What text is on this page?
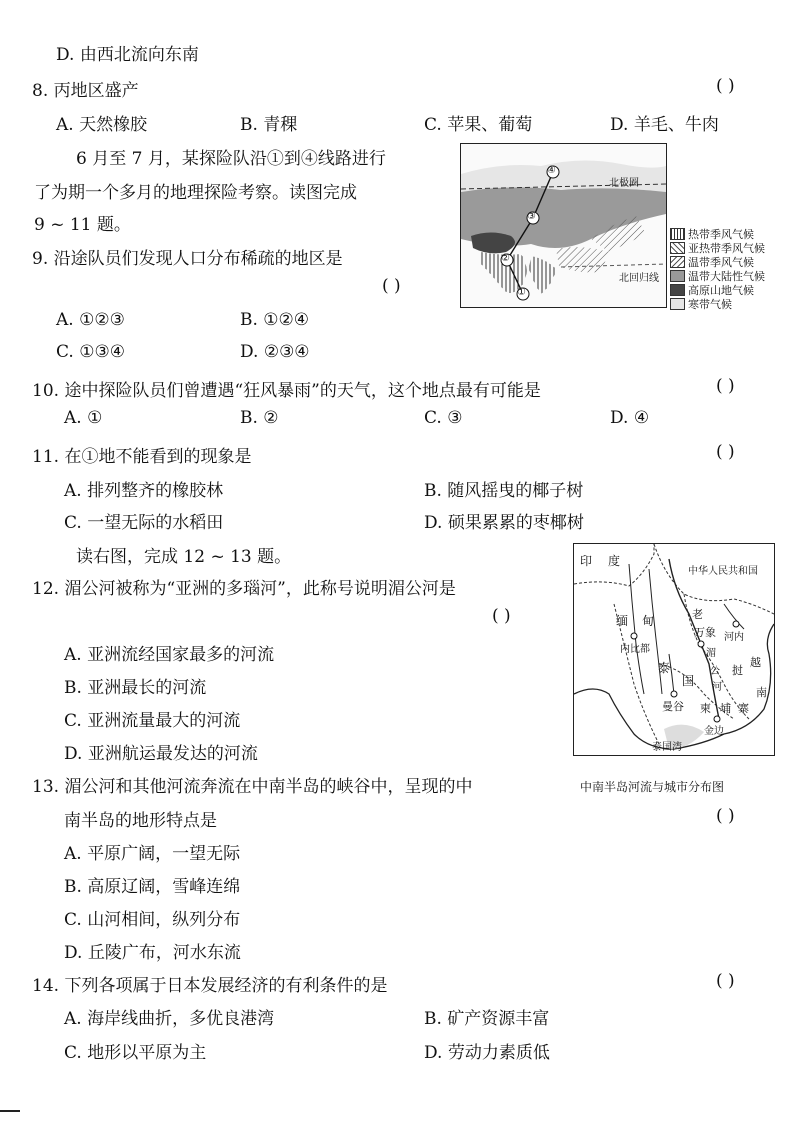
D. 由西北流向东南
8. 丙地区盛产	( )
A. 天然橡胶	B. 青稞	C. 苹果、葡萄	D. 羊毛、牛肉
6 月至 7 月，某探险队沿①到④线路进行
了为期一个多月的地理探险考察。读图完成
9 ~ 11 题。
9. 沿途队员们发现人口分布稀疏的地区是
( )
A. ①②③	B. ①②④
C. ①③④	D. ②③④
北极圈
北回归线
①
②
③
④
热带季风气候
亚热带季风气候
温带季风气候
温带大陆性气候
高原山地气候
寒带气候
10. 途中探险队员们曾遭遇“狂风暴雨”的天气，这个地点最有可能是	( )
A. ①	B. ②	C. ③	D. ④
11. 在①地不能看到的现象是	( )
A. 排列整齐的橡胶林	B. 随风摇曳的椰子树
C. 一望无际的水稻田	D. 硕果累累的枣椰树
读右图，完成 12 ~ 13 题。
12. 湄公河被称为“亚洲的多瑙河”，此称号说明湄公河是
( )
A. 亚洲流经国家最多的河流
B. 亚洲最长的河流
C. 亚洲流量最大的河流
D. 亚洲航运最发达的河流
中华人民共和国
印 度
缅 甸
内比都
万象 河内
老
挝
湄
公
河
泰
国
曼谷 柬 埔 寨
金边
泰国湾
越
南
中南半岛河流与城市分布图
13. 湄公河和其他河流奔流在中南半岛的峡谷中，呈现的中
南半岛的地形特点是	( )
A. 平原广阔，一望无际
B. 高原辽阔，雪峰连绵
C. 山河相间，纵列分布
D. 丘陵广布，河水东流
14. 下列各项属于日本发展经济的有利条件的是	( )
A. 海岸线曲折，多优良港湾	B. 矿产资源丰富
C. 地形以平原为主	D. 劳动力素质低
